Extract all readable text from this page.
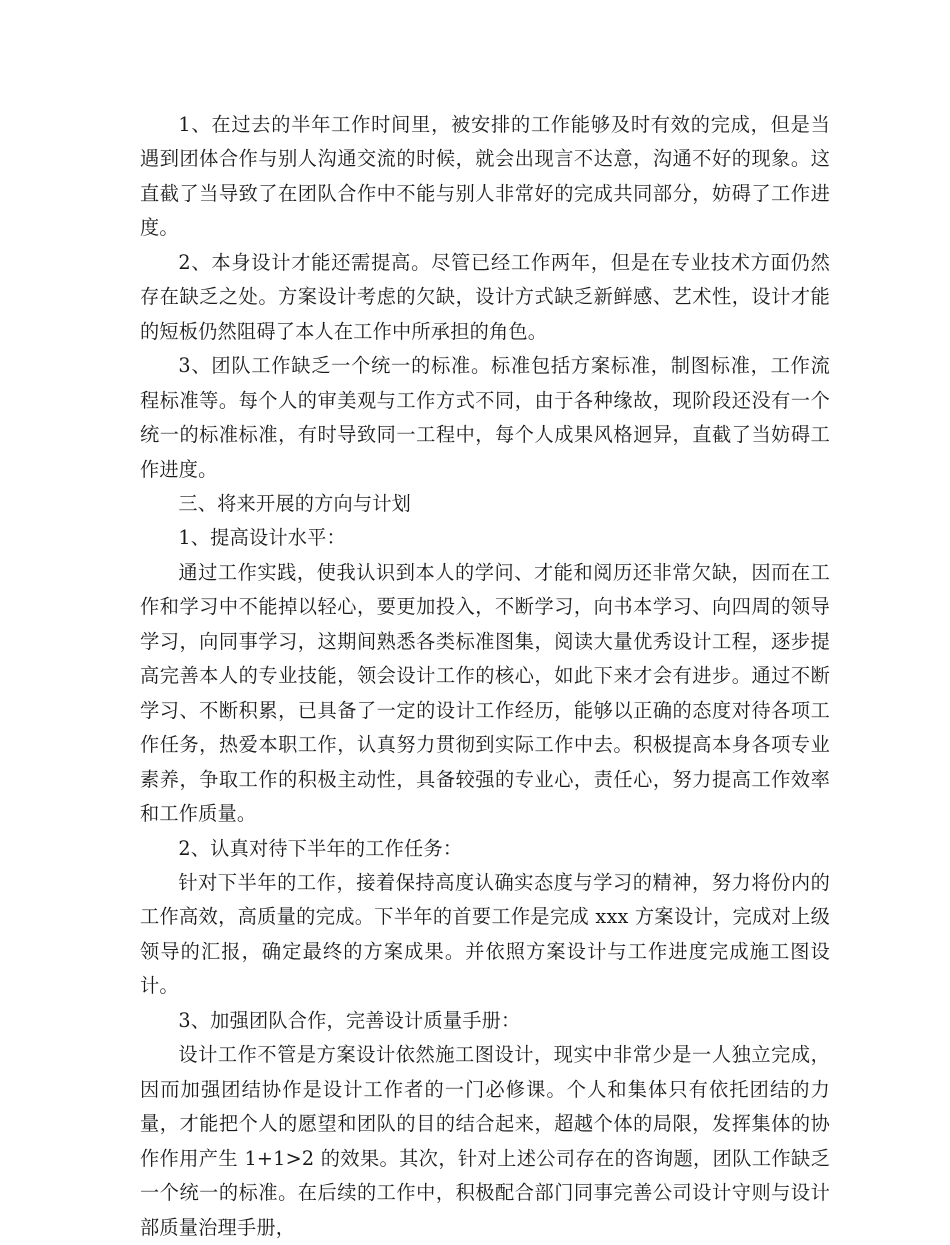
1、在过去的半年工作时间里，被安排的工作能够及时有效的完成，但是当遇到团体合作与别人沟通交流的时候，就会出现言不达意，沟通不好的现象。这直截了当导致了在团队合作中不能与别人非常好的完成共同部分，妨碍了工作进度。

2、本身设计才能还需提高。尽管已经工作两年，但是在专业技术方面仍然存在缺乏之处。方案设计考虑的欠缺，设计方式缺乏新鲜感、艺术性，设计才能的短板仍然阻碍了本人在工作中所承担的角色。

3、团队工作缺乏一个统一的标准。标准包括方案标准，制图标准，工作流程标准等。每个人的审美观与工作方式不同，由于各种缘故，现阶段还没有一个统一的标准标准，有时导致同一工程中，每个人成果风格迥异，直截了当妨碍工作进度。

三、将来开展的方向与计划

1、提高设计水平：

通过工作实践，使我认识到本人的学问、才能和阅历还非常欠缺，因而在工作和学习中不能掉以轻心，要更加投入，不断学习，向书本学习、向四周的领导学习，向同事学习，这期间熟悉各类标准图集，阅读大量优秀设计工程，逐步提高完善本人的专业技能，领会设计工作的核心，如此下来才会有进步。通过不断学习、不断积累，已具备了一定的设计工作经历，能够以正确的态度对待各项工作任务，热爱本职工作，认真努力贯彻到实际工作中去。积极提高本身各项专业素养，争取工作的积极主动性，具备较强的专业心，责任心，努力提高工作效率和工作质量。

2、认真对待下半年的工作任务：

针对下半年的工作，接着保持高度认确实态度与学习的精神，努力将份内的工作高效，高质量的完成。下半年的首要工作是完成 xxx 方案设计，完成对上级领导的汇报，确定最终的方案成果。并依照方案设计与工作进度完成施工图设计。

3、加强团队合作，完善设计质量手册：

设计工作不管是方案设计依然施工图设计，现实中非常少是一人独立完成，因而加强团结协作是设计工作者的一门必修课。个人和集体只有依托团结的力量，才能把个人的愿望和团队的目的结合起来，超越个体的局限，发挥集体的协作作用产生 1+1>2 的效果。其次，针对上述公司存在的咨询题，团队工作缺乏一个统一的标准。在后续的工作中，积极配合部门同事完善公司设计守则与设计部质量治理手册，
